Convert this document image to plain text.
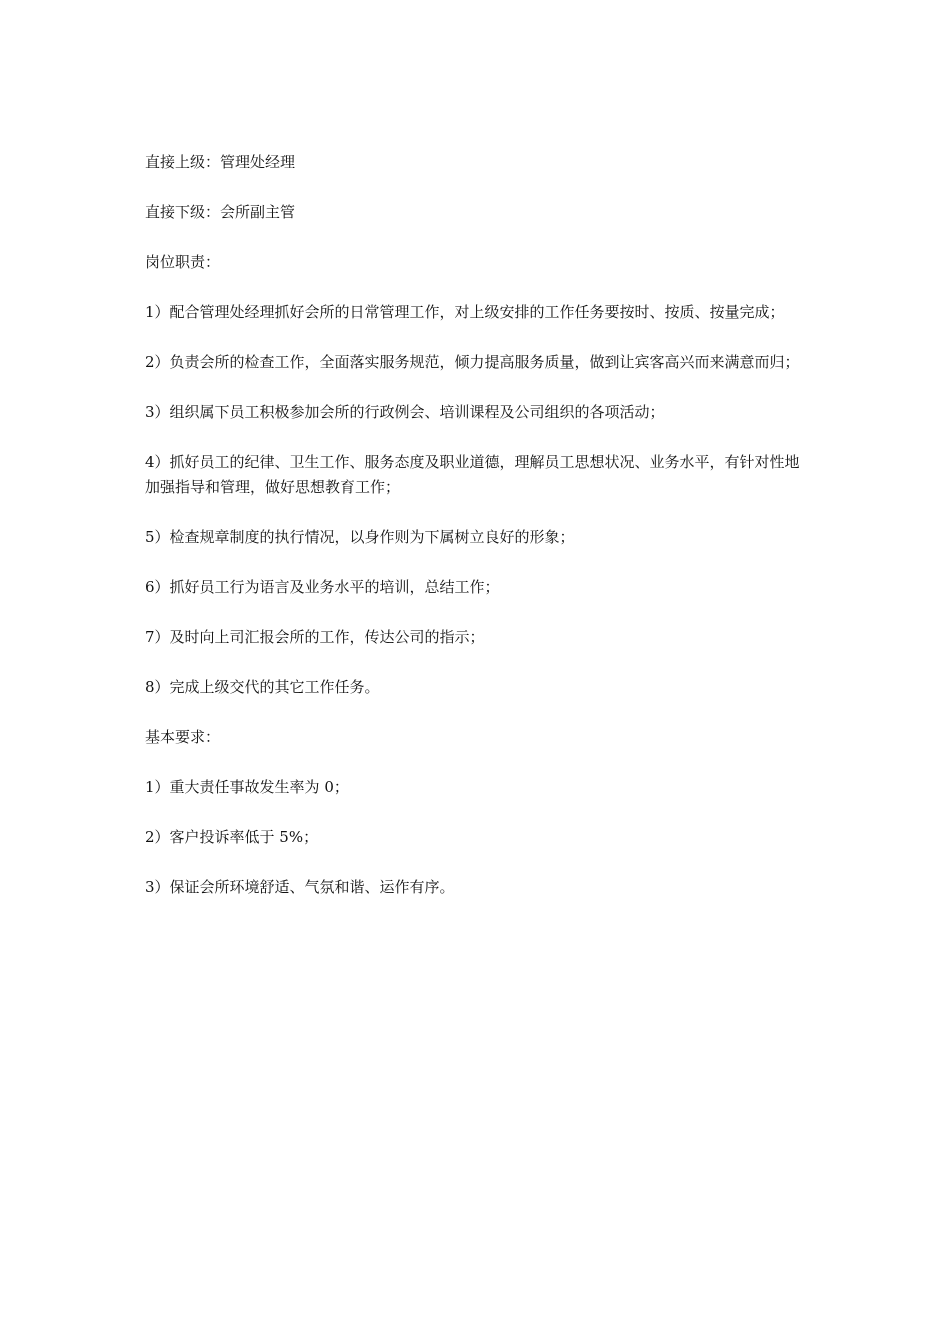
直接上级：管理处经理

直接下级：会所副主管

岗位职责：

1）配合管理处经理抓好会所的日常管理工作，对上级安排的工作任务要按时、按质、按量完成；

2）负责会所的检查工作，全面落实服务规范，倾力提高服务质量，做到让宾客高兴而来满意而归；

3）组织属下员工积极参加会所的行政例会、培训课程及公司组织的各项活动；

4）抓好员工的纪律、卫生工作、服务态度及职业道德，理解员工思想状况、业务水平，有针对性地加强指导和管理，做好思想教育工作；

5）检查规章制度的执行情况，以身作则为下属树立良好的形象；

6）抓好员工行为语言及业务水平的培训，总结工作；

7）及时向上司汇报会所的工作，传达公司的指示；

8）完成上级交代的其它工作任务。

基本要求：

1）重大责任事故发生率为 0；

2）客户投诉率低于 5%；

3）保证会所环境舒适、气氛和谐、运作有序。
